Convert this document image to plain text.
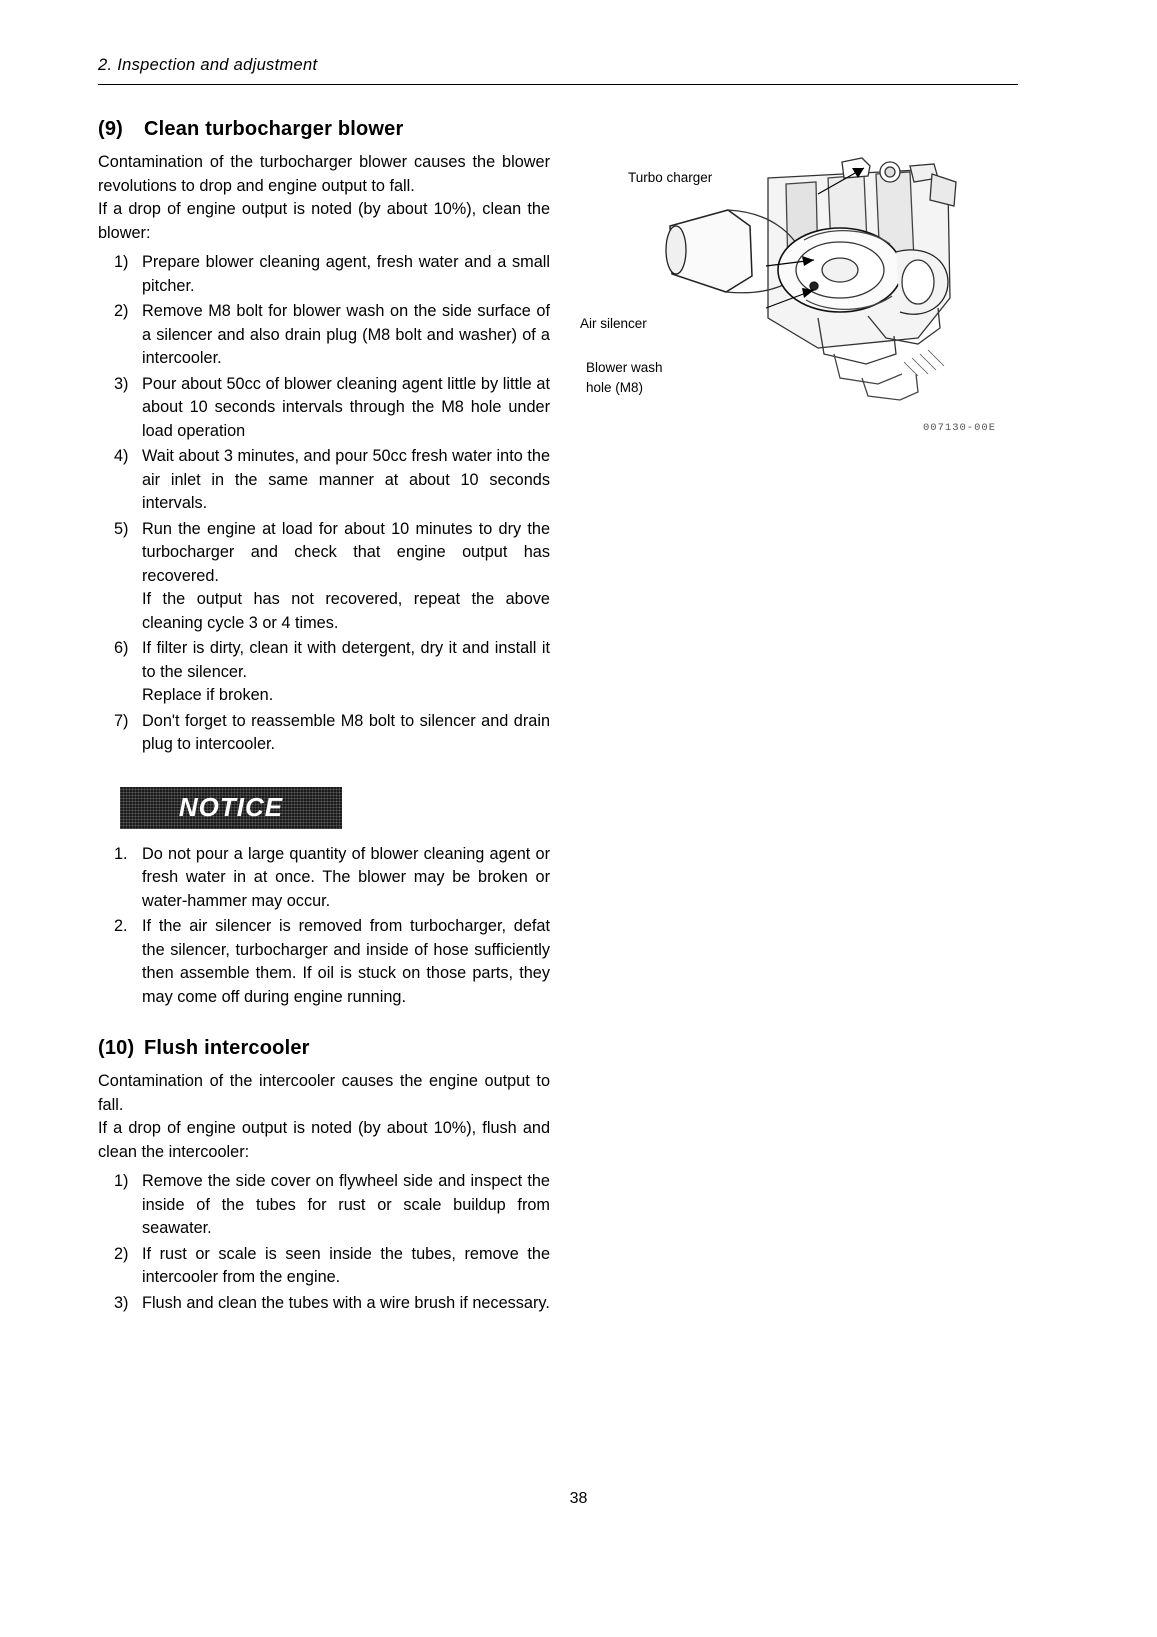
2. Inspection and adjustment
(9) Clean turbocharger blower

Contamination of the turbocharger blower causes the blower revolutions to drop and engine output to fall.

If a drop of engine output is noted (by about 10%), clean the blower:

1) Prepare blower cleaning agent, fresh water and a small pitcher.
2) Remove M8 bolt for blower wash on the side surface of a silencer and also drain plug (M8 bolt and washer) of a intercooler.
3) Pour about 50cc of blower cleaning agent little by little at about 10 seconds intervals through the M8 hole under load operation
4) Wait about 3 minutes, and pour 50cc fresh water into the air inlet in the same manner at about 10 seconds intervals.
5) Run the engine at load for about 10 minutes to dry the turbocharger and check that engine output has recovered.
If the output has not recovered, repeat the above cleaning cycle 3 or 4 times.
6) If filter is dirty, clean it with detergent, dry it and install it to the silencer.
Replace if broken.
7) Don't forget to reassemble M8 bolt to silencer and drain plug to intercooler.
NOTICE
1. Do not pour a large quantity of blower cleaning agent or fresh water in at once. The blower may be broken or water-hammer may occur.
2. If the air silencer is removed from turbocharger, defat the silencer, turbocharger and inside of hose sufficiently then assemble them. If oil is stuck on those parts, they may come off during engine running.
(10) Flush intercooler

Contamination of the intercooler causes the engine output to fall.

If a drop of engine output is noted (by about 10%), flush and clean the intercooler:

1) Remove the side cover on flywheel side and inspect the inside of the tubes for rust or scale buildup from seawater.
2) If rust or scale is seen inside the tubes, remove the intercooler from the engine.
3) Flush and clean the tubes with a wire brush if necessary.
Turbo charger
Air silencer
Blower wash
hole (M8)
007130-00E
38
